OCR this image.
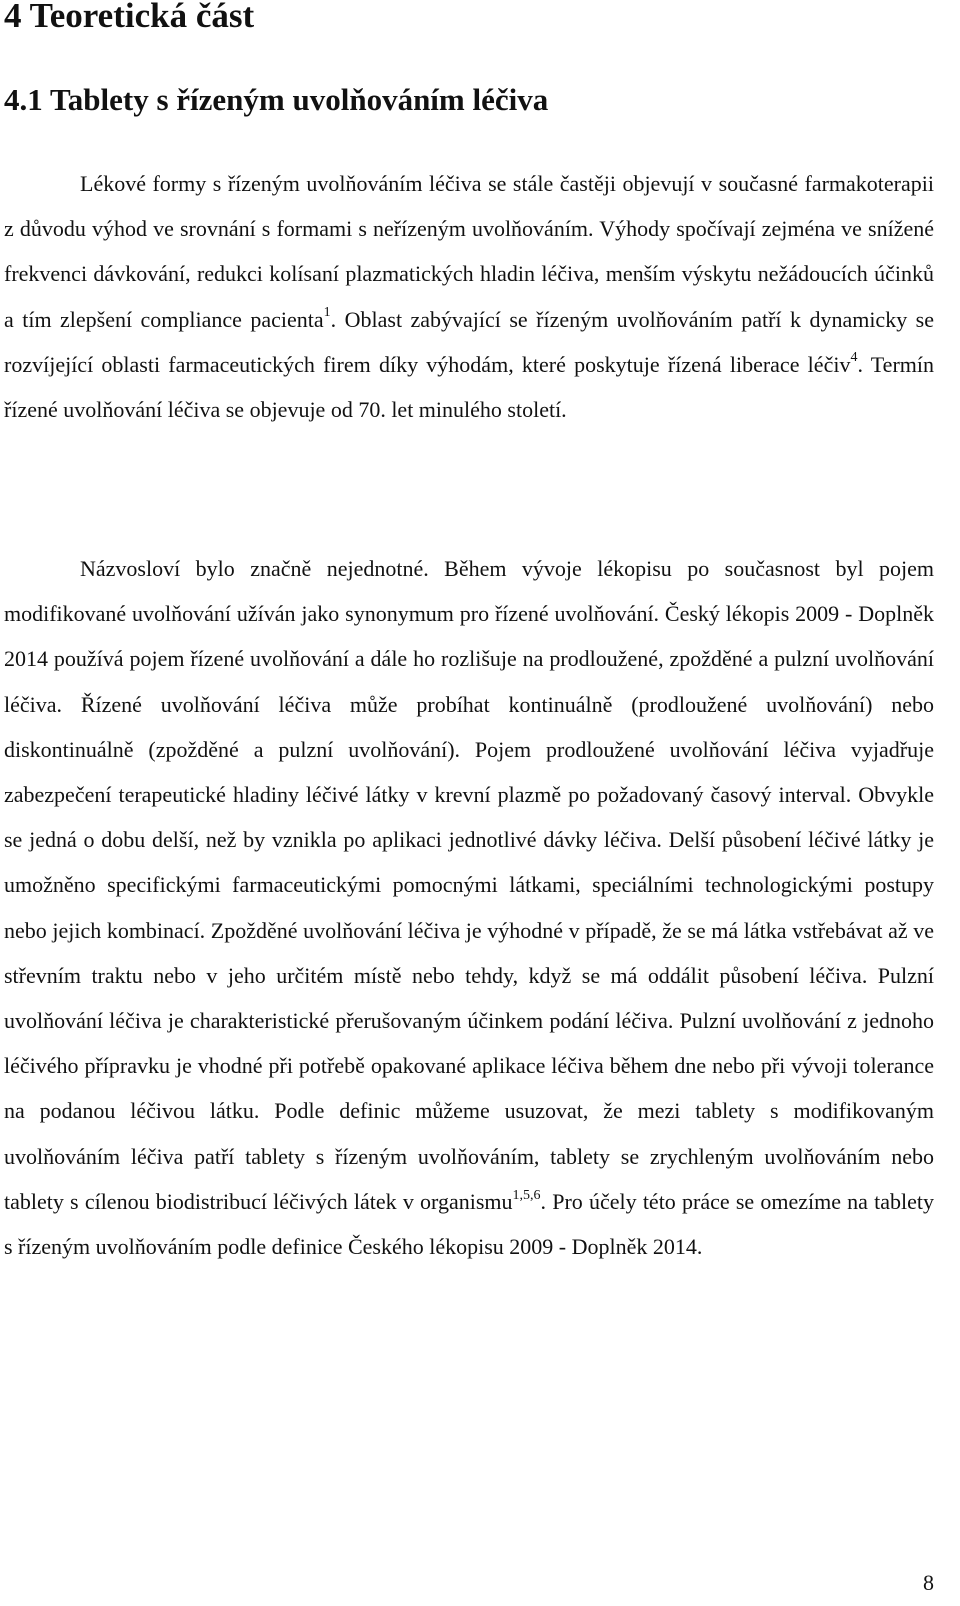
4 Teoretická část
4.1 Tablety s řízeným uvolňováním léčiva

Lékové formy s řízeným uvolňováním léčiva se stále častěji objevují v současné farmakoterapii z důvodu výhod ve srovnání s formami s neřízeným uvolňováním. Výhody spočívají zejména ve snížené frekvenci dávkování, redukci kolísaní plazmatických hladin léčiva, menším výskytu nežádoucích účinků a tím zlepšení compliance pacienta$^1$. Oblast zabývající se řízeným uvolňováním patří k dynamicky se rozvíjející oblasti farmaceutických firem díky výhodám, které poskytuje řízená liberace léčiv$^4$. Termín řízené uvolňování léčiva se objevuje od 70. let minulého století.

Názvosloví bylo značně nejednotné. Během vývoje lékopisu po současnost byl pojem modifikované uvolňování užíván jako synonymum pro řízené uvolňování. Český lékopis 2009 - Doplněk 2014 používá pojem řízené uvolňování a dále ho rozlišuje na prodloužené, zpožděné a pulzní uvolňování léčiva. Řízené uvolňování léčiva může probíhat kontinuálně (prodloužené uvolňování) nebo diskontinuálně (zpožděné a pulzní uvolňování). Pojem prodloužené uvolňování léčiva vyjadřuje zabezpečení terapeutické hladiny léčivé látky v krevní plazmě po požadovaný časový interval. Obvykle se jedná o dobu delší, než by vznikla po aplikaci jednotlivé dávky léčiva. Delší působení léčivé látky je umožněno specifickými farmaceutickými pomocnými látkami, speciálními technologickými postupy nebo jejich kombinací. Zpožděné uvolňování léčiva je výhodné v případě, že se má látka vstřebávat až ve střevním traktu nebo v jeho určitém místě nebo tehdy, když se má oddálit působení léčiva. Pulzní uvolňování léčiva je charakteristické přerušovaným účinkem podání léčiva. Pulzní uvolňování z jednoho léčivého přípravku je vhodné při potřebě opakované aplikace léčiva během dne nebo při vývoji tolerance na podanou léčivou látku. Podle definic můžeme usuzovat, že mezi tablety s modifikovaným uvolňováním léčiva patří tablety s řízeným uvolňováním, tablety se zrychleným uvolňováním nebo tablety s cílenou biodistribucí léčivých látek v organismu$^{1,5,6}$. Pro účely této práce se omezíme na tablety s řízeným uvolňováním podle definice Českého lékopisu 2009 - Doplněk 2014.

8
